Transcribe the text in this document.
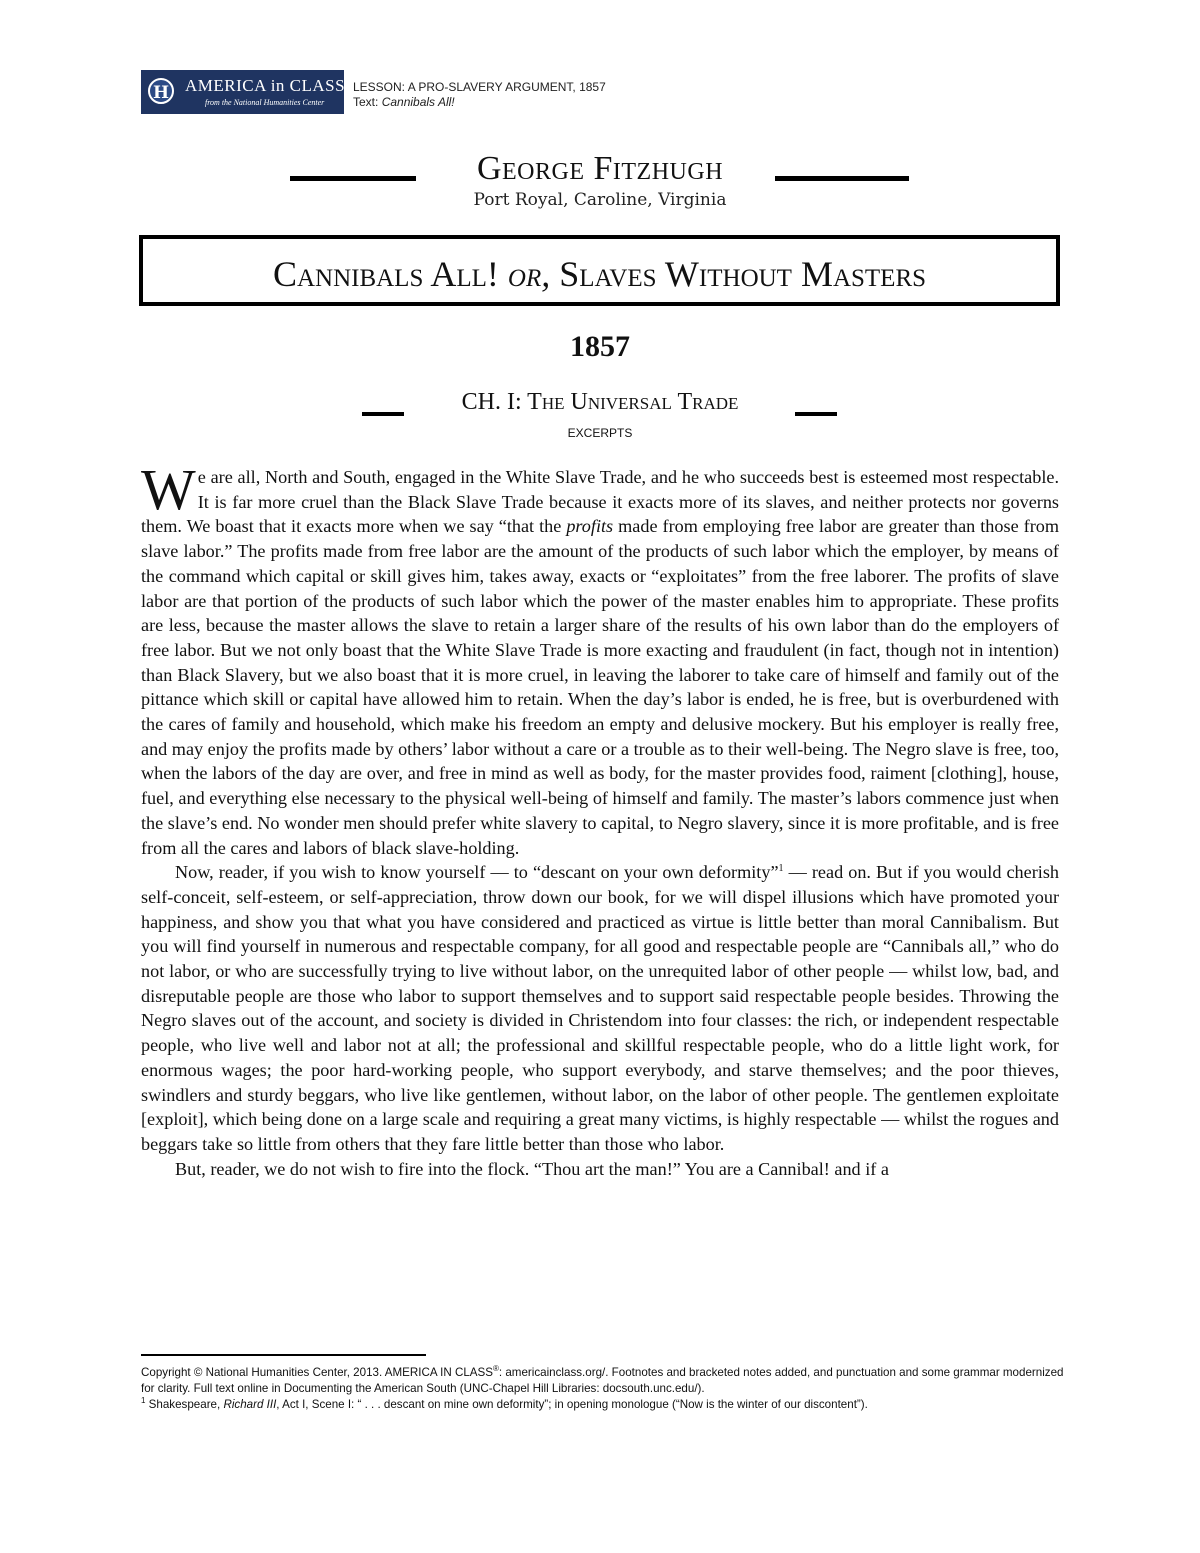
H AMERICA in CLASS®
from the National Humanities Center
LESSON: A PRO-SLAVERY ARGUMENT, 1857
Text: Cannibals All!
George Fitzhugh
Port Royal, Caroline, Virginia
Cannibals All! or, Slaves Without Masters
1857
CH. I: The Universal Trade
EXCERPTS

We are all, North and South, engaged in the White Slave Trade, and he who succeeds best is esteemed most respectable. It is far more cruel than the Black Slave Trade because it exacts more of its slaves, and neither protects nor governs them. We boast that it exacts more when we say “that the profits made from employing free labor are greater than those from slave labor.” The profits made from free labor are the amount of the products of such labor which the employer, by means of the command which capital or skill gives him, takes away, exacts or “exploitates” from the free laborer. The profits of slave labor are that portion of the products of such labor which the power of the master enables him to appropriate. These profits are less, because the master allows the slave to retain a larger share of the results of his own labor than do the employers of free labor. But we not only boast that the White Slave Trade is more exacting and fraudulent (in fact, though not in intention) than Black Slavery, but we also boast that it is more cruel, in leaving the laborer to take care of himself and family out of the pittance which skill or capital have allowed him to retain. When the day’s labor is ended, he is free, but is overburdened with the cares of family and household, which make his freedom an empty and delusive mockery. But his employer is really free, and may enjoy the profits made by others’ labor without a care or a trouble as to their well-being. The Negro slave is free, too, when the labors of the day are over, and free in mind as well as body, for the master provides food, raiment [clothing], house, fuel, and everything else necessary to the physical well-being of himself and family. The master’s labors commence just when the slave’s end. No wonder men should prefer white slavery to capital, to Negro slavery, since it is more profitable, and is free from all the cares and labors of black slave-holding.

Now, reader, if you wish to know yourself — to “descant on your own deformity”$^1$ — read on. But if you would cherish self-conceit, self-esteem, or self-appreciation, throw down our book, for we will dispel illusions which have promoted your happiness, and show you that what you have considered and practiced as virtue is little better than moral Cannibalism. But you will find yourself in numerous and respectable company, for all good and respectable people are “Cannibals all,” who do not labor, or who are successfully trying to live without labor, on the unrequited labor of other people — whilst low, bad, and disreputable people are those who labor to support themselves and to support said respectable people besides. Throwing the Negro slaves out of the account, and society is divided in Christendom into four classes: the rich, or independent respectable people, who live well and labor not at all; the professional and skillful respectable people, who do a little light work, for enormous wages; the poor hard-working people, who support everybody, and starve themselves; and the poor thieves, swindlers and sturdy beggars, who live like gentlemen, without labor, on the labor of other people. The gentlemen exploitate [exploit], which being done on a large scale and requiring a great many victims, is highly respectable — whilst the rogues and beggars take so little from others that they fare little better than those who labor.

But, reader, we do not wish to fire into the flock. “Thou art the man!” You are a Cannibal! and if a

Copyright © National Humanities Center, 2013. AMERICA IN CLASS®: americainclass.org/. Footnotes and bracketed notes added, and punctuation and some grammar modernized for clarity. Full text online in Documenting the American South (UNC-Chapel Hill Libraries: docsouth.unc.edu/).

$^1$ Shakespeare, Richard III, Act I, Scene I: “ . . . descant on mine own deformity”; in opening monologue (“Now is the winter of our discontent”).
